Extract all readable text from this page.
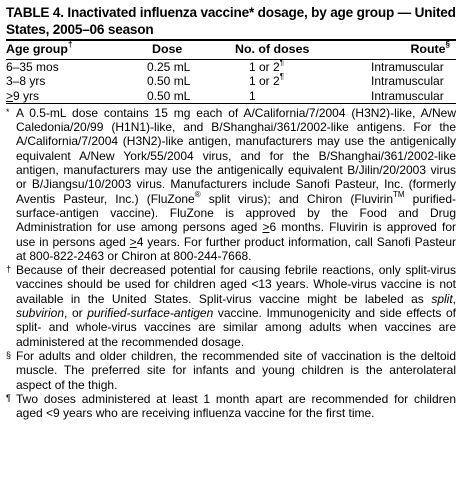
TABLE 4. Inactivated influenza vaccine* dosage, by age group — United States, 2005–06 season
Age group†	Dose	No. of doses	Route§

6–35 mos	0.25 mL	1 or 2¶	Intramuscular
3–8 yrs	0.50 mL	1 or 2¶	Intramuscular
>9 yrs	0.50 mL	1	Intramuscular

* A 0.5-mL dose contains 15 mg each of A/California/7/2004 (H3N2)-like, A/New Caledonia/20/99 (H1N1)-like, and B/Shanghai/361/2002-like antigens. For the A/California/7/2004 (H3N2)-like antigen, manufacturers may use the antigenically equivalent A/New York/55/2004 virus, and for the B/Shanghai/361/2002-like antigen, manufacturers may use the antigenically equivalent B/Jilin/20/2003 virus or B/Jiangsu/10/2003 virus. Manufacturers include Sanofi Pasteur, Inc. (formerly Aventis Pasteur, Inc.) (FluZone® split virus); and Chiron (Fluvirin™ purified-surface-antigen vaccine). FluZone is approved by the Food and Drug Administration for use among persons aged >6 months. Fluvirin is approved for use in persons aged >4 years. For further product information, call Sanofi Pasteur at 800-822-2463 or Chiron at 800-244-7668.
† Because of their decreased potential for causing febrile reactions, only split-virus vaccines should be used for children aged <13 years. Whole-virus vaccine is not available in the United States. Split-virus vaccine might be labeled as split, subvirion, or purified-surface-antigen vaccine. Immunogenicity and side effects of split- and whole-virus vaccines are similar among adults when vaccines are administered at the recommended dosage.
§ For adults and older children, the recommended site of vaccination is the deltoid muscle. The preferred site for infants and young children is the anterolateral aspect of the thigh.
¶ Two doses administered at least 1 month apart are recommended for children aged <9 years who are receiving influenza vaccine for the first time.
